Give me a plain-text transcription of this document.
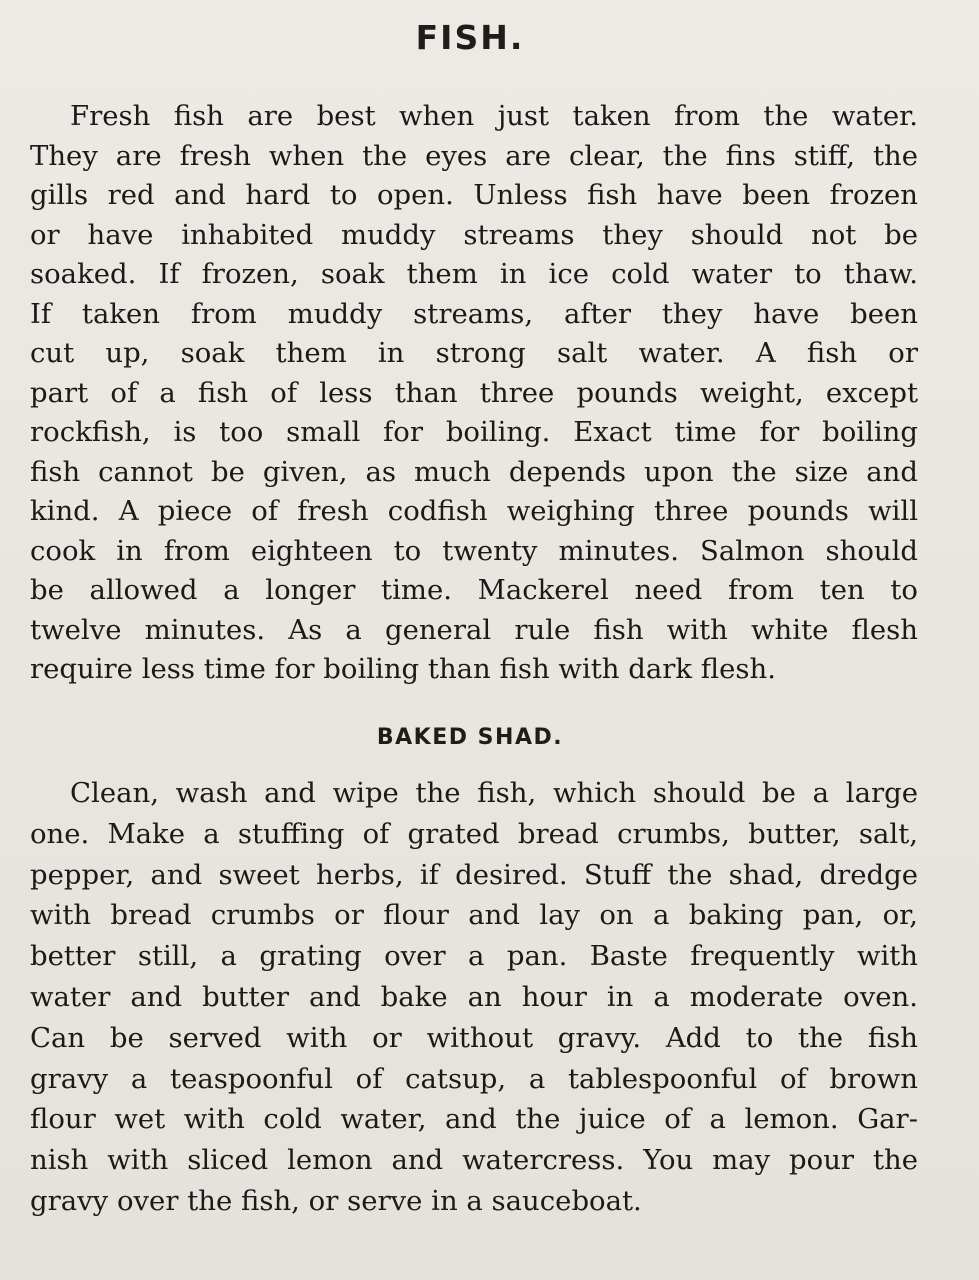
FISH.

Fresh fish are best when just taken from the water.
They are fresh when the eyes are clear, the fins stiff, the
gills red and hard to open. Unless fish have been frozen
or have inhabited muddy streams they should not be
soaked. If frozen, soak them in ice cold water to thaw.
If taken from muddy streams, after they have been
cut up, soak them in strong salt water. A fish or
part of a fish of less than three pounds weight, except
rockfish, is too small for boiling. Exact time for boiling
fish cannot be given, as much depends upon the size and
kind. A piece of fresh codfish weighing three pounds will
cook in from eighteen to twenty minutes. Salmon should
be allowed a longer time. Mackerel need from ten to
twelve minutes. As a general rule fish with white flesh
require less time for boiling than fish with dark flesh.

BAKED SHAD.

Clean, wash and wipe the fish, which should be a large
one. Make a stuffing of grated bread crumbs, butter, salt,
pepper, and sweet herbs, if desired. Stuff the shad, dredge
with bread crumbs or flour and lay on a baking pan, or,
better still, a grating over a pan. Baste frequently with
water and butter and bake an hour in a moderate oven.
Can be served with or without gravy. Add to the fish
gravy a teaspoonful of catsup, a tablespoonful of brown
flour wet with cold water, and the juice of a lemon. Gar-
nish with sliced lemon and watercress. You may pour the
gravy over the fish, or serve in a sauceboat.
